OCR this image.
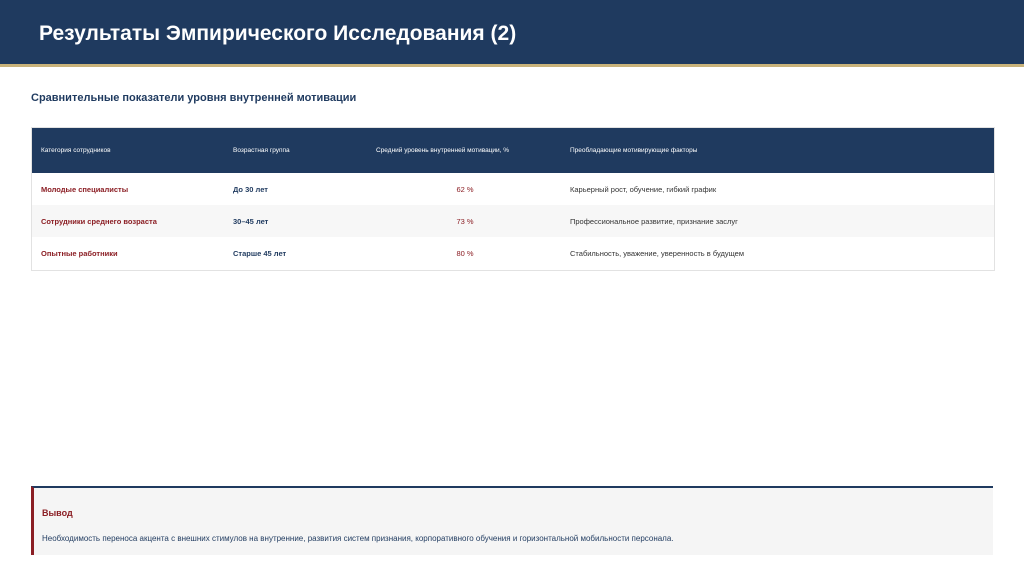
Результаты Эмпирического Исследования (2)
Сравнительные показатели уровня внутренней мотивации
Категория сотрудников	Возрастная группа	Средний уровень внутренней мотивации, %	Преобладающие мотивирующие факторы
Молодые специалисты	До 30 лет	62 %	Карьерный рост, обучение, гибкий график
Сотрудники среднего возраста	30–45 лет	73 %	Профессиональное развитие, признание заслуг
Опытные работники	Старше 45 лет	80 %	Стабильность, уважение, уверенность в будущем
Вывод
Необходимость переноса акцента с внешних стимулов на внутренние, развития систем признания, корпоративного обучения и горизонтальной мобильности персонала.
